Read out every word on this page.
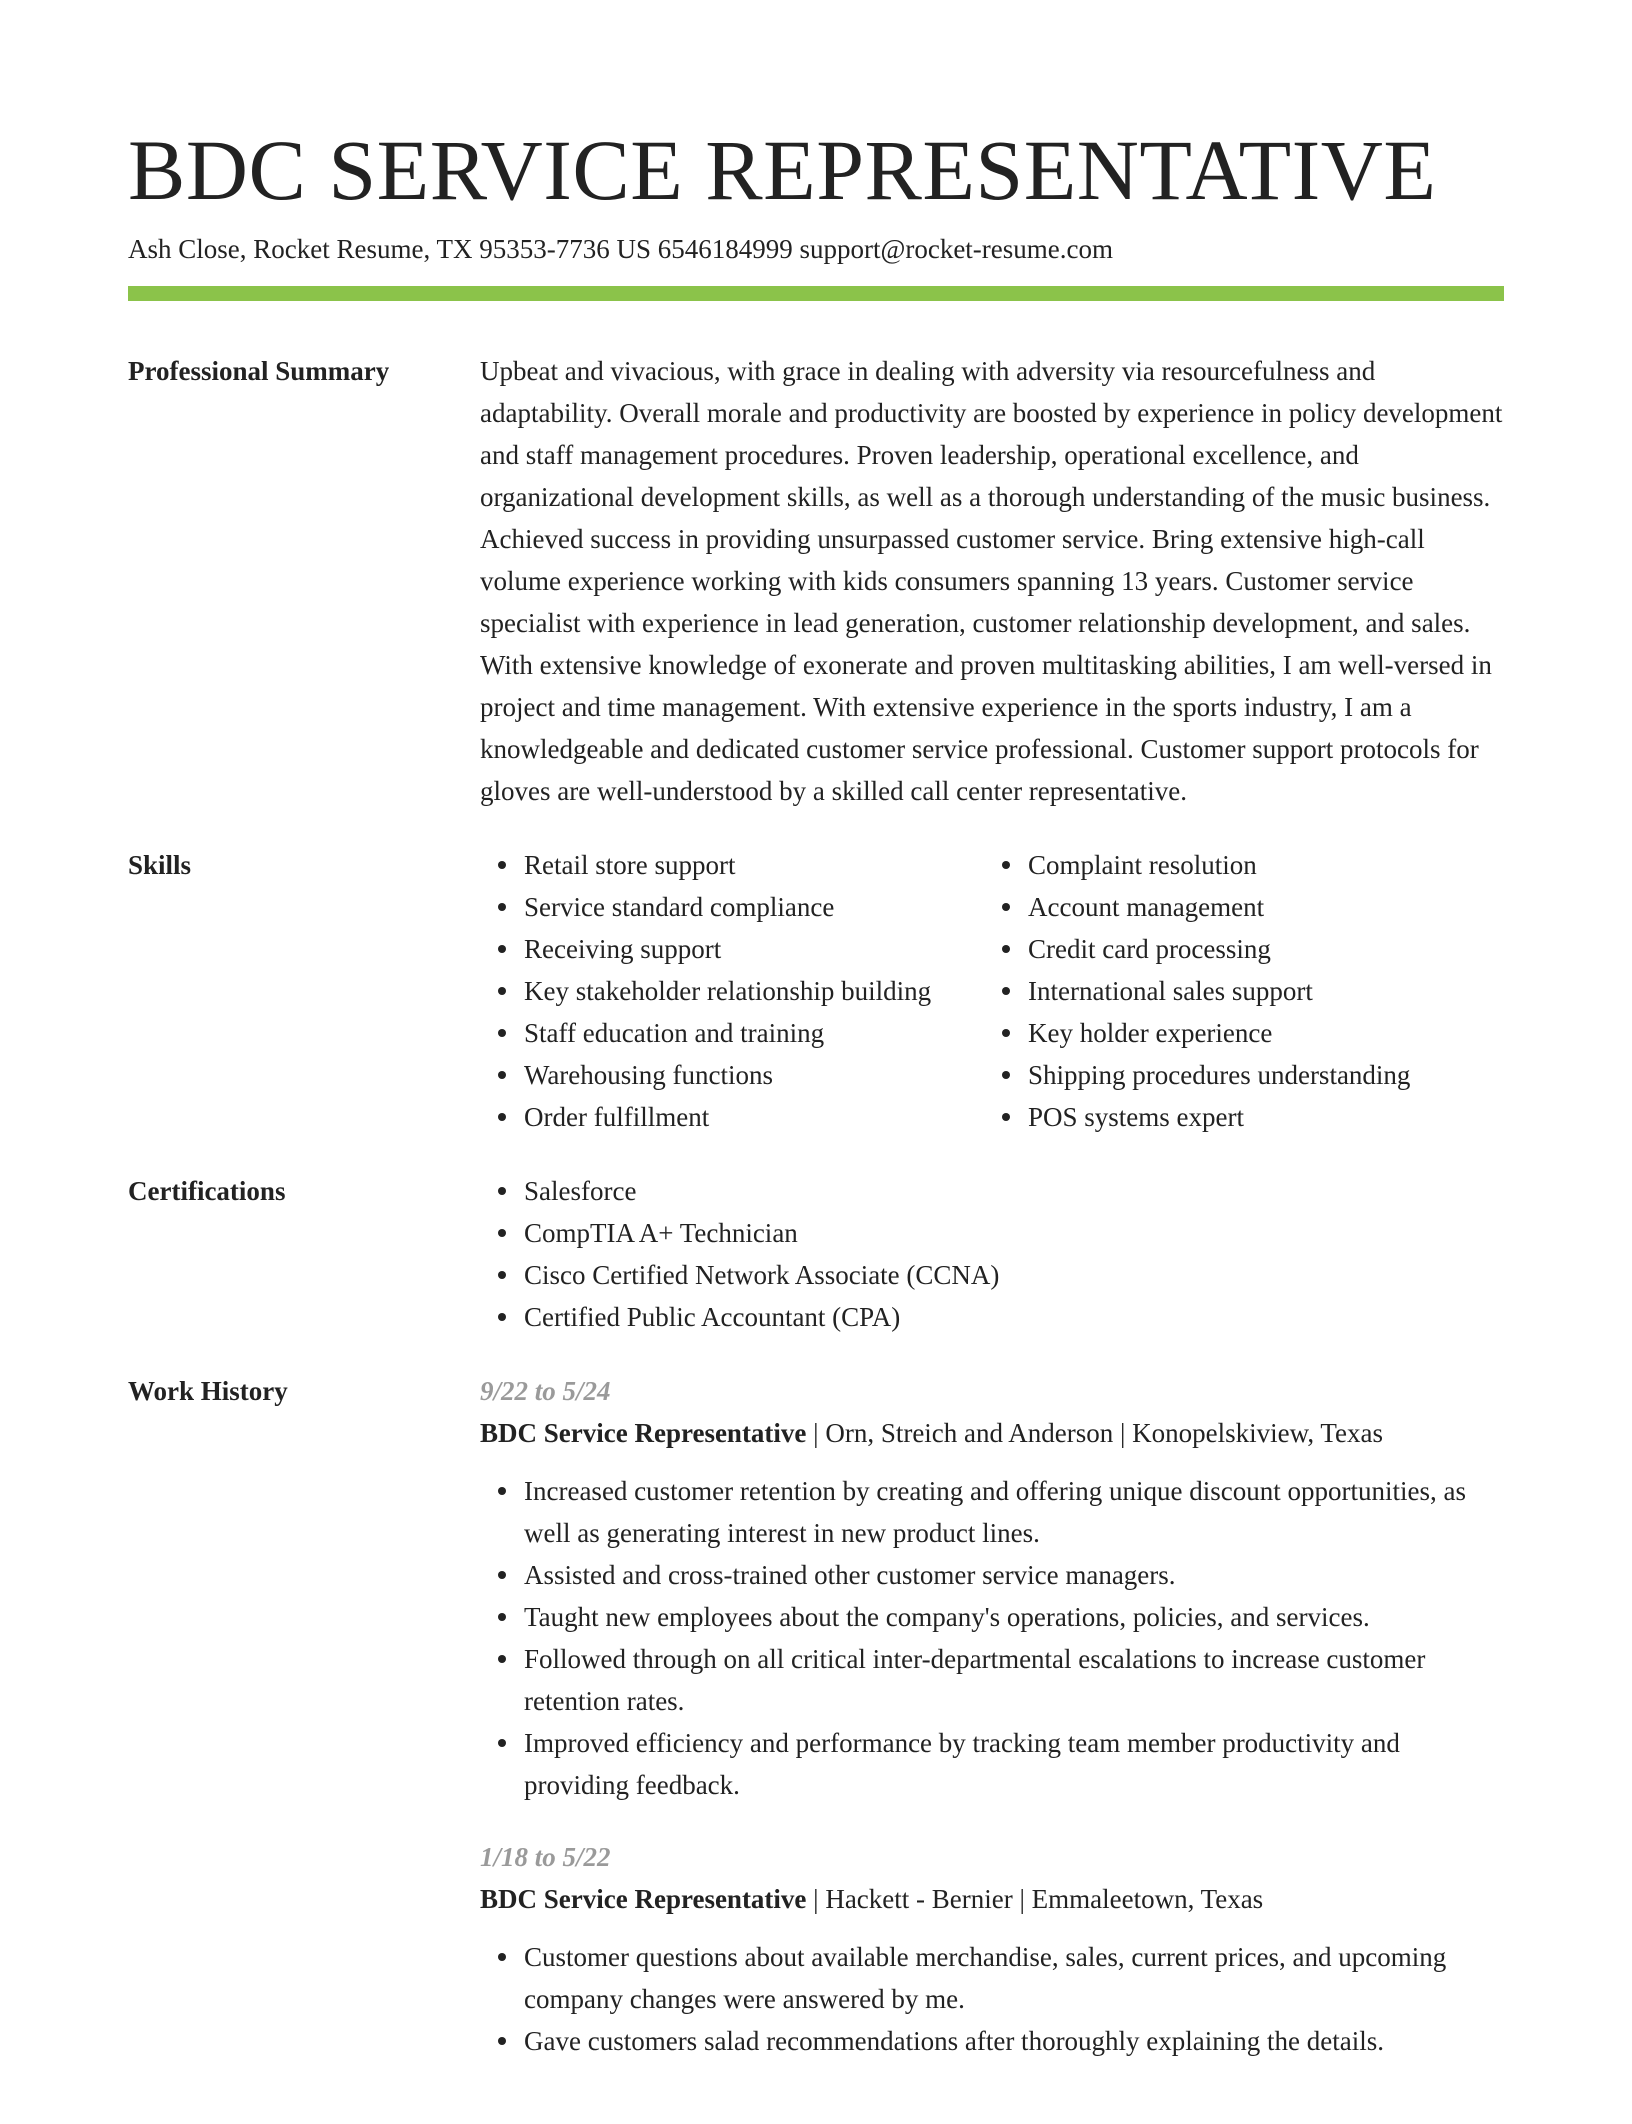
BDC SERVICE REPRESENTATIVE
Ash Close, Rocket Resume, TX 95353-7736 US 6546184999 support@rocket-resume.com
Professional Summary	Upbeat and vivacious, with grace in dealing with adversity via resourcefulness and adaptability. Overall morale and productivity are boosted by experience in policy development and staff management procedures. Proven leadership, operational excellence, and organizational development skills, as well as a thorough understanding of the music business. Achieved success in providing unsurpassed customer service. Bring extensive high-call volume experience working with kids consumers spanning 13 years. Customer service specialist with experience in lead generation, customer relationship development, and sales. With extensive knowledge of exonerate and proven multitasking abilities, I am well-versed in project and time management. With extensive experience in the sports industry, I am a knowledgeable and dedicated customer service professional. Customer support protocols for gloves are well-understood by a skilled call center representative.

Skills	Retail store support
Service standard compliance
Receiving support
Key stakeholder relationship building
Staff education and training
Warehousing functions
Order fulfillment
Complaint resolution
Account management
Credit card processing
International sales support
Key holder experience
Shipping procedures understanding
POS systems expert
Certifications	Salesforce
CompTIA A+ Technician
Cisco Certified Network Associate (CCNA)
Certified Public Accountant (CPA)
Work History	9/22 to 5/24
BDC Service Representative | Orn, Streich and Anderson | Konopelskiview, Texas
Increased customer retention by creating and offering unique discount opportunities, as well as generating interest in new product lines.
Assisted and cross-trained other customer service managers.
Taught new employees about the company's operations, policies, and services.
Followed through on all critical inter-departmental escalations to increase customer retention rates.
Improved efficiency and performance by tracking team member productivity and providing feedback.
1/18 to 5/22
BDC Service Representative | Hackett - Bernier | Emmaleetown, Texas
Customer questions about available merchandise, sales, current prices, and upcoming company changes were answered by me.
Gave customers salad recommendations after thoroughly explaining the details.
